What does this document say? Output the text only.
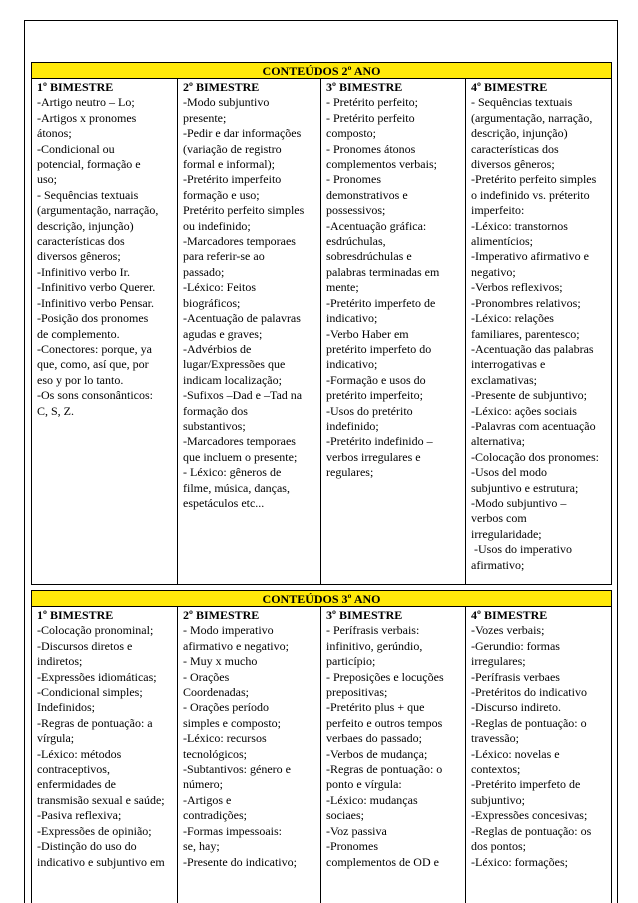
CONTEÚDOS 2º ANO

1º BIMESTRE
-Artigo neutro – Lo;
-Artigos x pronomes
átonos;
-Condicional ou
potencial, formação e
uso;
- Sequências textuais
(argumentação, narração,
descrição, injunção)
características dos
diversos gêneros;
-Infinitivo verbo Ir.
-Infinitivo verbo Querer.
-Infinitivo verbo Pensar.
-Posição dos pronomes
de complemento.
-Conectores: porque, ya
que, como, así que, por
eso y por lo tanto.
-Os sons consonânticos:
C, S, Z.

2º BIMESTRE
-Modo subjuntivo
presente;
-Pedir e dar informações
(variação de registro
formal e informal);
-Pretérito imperfeito
formação e uso;
Pretérito perfeito simples
ou indefinido;
-Marcadores temporaes
para referir-se ao
passado;
-Léxico: Feitos
biográficos;
-Acentuação de palavras
agudas e graves;
-Advérbios de
lugar/Expressões que
indicam localização;
-Sufixos –Dad e –Tad na
formação dos
substantivos;
-Marcadores temporaes
que incluem o presente;
- Léxico: gêneros de
filme, música, danças,
espetáculos etc...

3º BIMESTRE
- Pretérito perfeito;
- Pretérito perfeito
composto;
- Pronomes átonos
complementos verbais;
- Pronomes
demonstrativos e
possessivos;
-Acentuação gráfica:
esdrúchulas,
sobresdrúchulas e
palabras terminadas em
mente;
-Pretérito imperfeto de
indicativo;
-Verbo Haber em
pretérito imperfeto do
indicativo;
-Formação e usos do
pretérito imperfeito;
-Usos do pretérito
indefinido;
-Pretérito indefinido –
verbos irregulares e
regulares;

4º BIMESTRE
- Sequências textuais
(argumentação, narração,
descrição, injunção)
características dos
diversos gêneros;
-Pretérito perfeito simples
o indefinido vs. préterito
imperfeito:
-Léxico: transtornos
alimentícios;
-Imperativo afirmativo e
negativo;
-Verbos reflexivos;
-Pronombres relativos;
-Léxico: relações
familiares, parentesco;
-Acentuação das palabras
interrogativas e
exclamativas;
-Presente de subjuntivo;
-Léxico: ações sociais
-Palavras com acentuação
alternativa;
-Colocação dos pronomes:
-Usos del modo
subjuntivo e estrutura;
-Modo subjuntivo –
verbos com
irregularidade;
-Usos do imperativo
afirmativo;
CONTEÚDOS 3º ANO

1º BIMESTRE
-Colocação pronominal;
-Discursos diretos e
indiretos;
-Expressões idiomáticas;
-Condicional simples;
Indefinidos;
-Regras de pontuação: a
vírgula;
-Léxico: métodos
contraceptivos,
enfermidades de
transmisão sexual e saúde;
-Pasiva reflexiva;
-Expressões de opinião;
-Distinção do uso do
indicativo e subjuntivo em

2º BIMESTRE
- Modo imperativo
afirmativo e negativo;
- Muy x mucho
- Orações
Coordenadas;
- Orações período
simples e composto;
-Léxico: recursos
tecnológicos;
-Subtantivos: género e
número;
-Artigos e
contradições;
-Formas impessoais:
se, hay;
-Presente do indicativo;

3º BIMESTRE
- Perífrasis verbais:
infinitivo, gerúndio,
particípio;
- Preposições e locuções
prepositivas;
-Pretérito plus + que
perfeito e outros tempos
verbaes do passado;
-Verbos de mudança;
-Regras de pontuação: o
ponto e vírgula:
-Léxico: mudanças
sociaes;
-Voz passiva
-Pronomes
complementos de OD e

4º BIMESTRE
-Vozes verbais;
-Gerundio: formas
irregulares;
-Perífrasis verbaes
-Pretéritos do indicativo
-Discurso indireto.
-Reglas de pontuação: o
travessão;
-Léxico: novelas e
contextos;
-Pretérito imperfeto de
subjuntivo;
-Expressões concesivas;
-Reglas de pontuação: os
dos pontos;
-Léxico: formações;
